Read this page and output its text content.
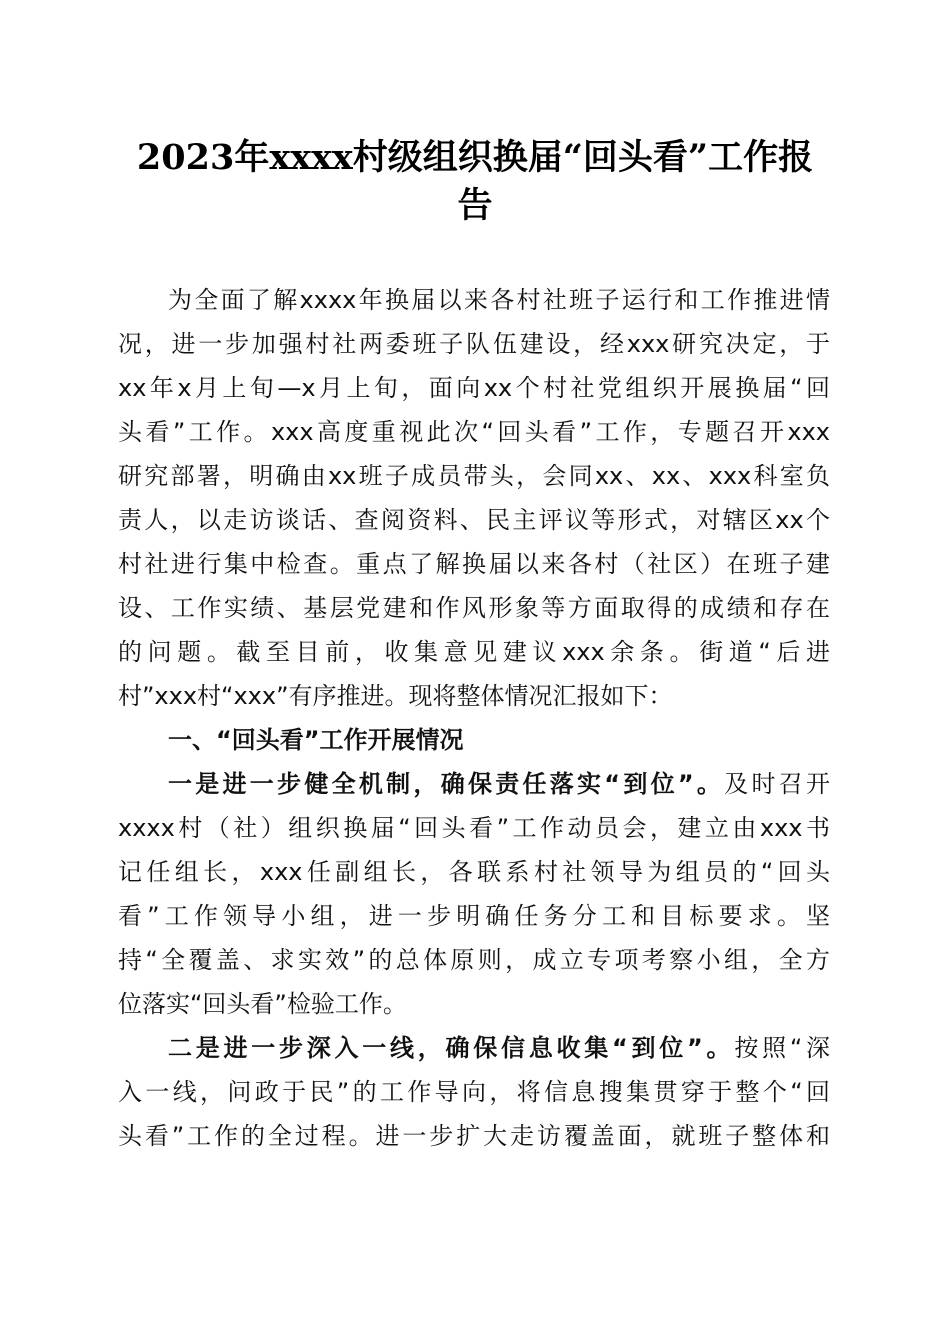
2023年xxxx村级组织换届“回头看”工作报
告
为全面了解xxxx年换届以来各村社班子运行和工作推进情
况，进一步加强村社两委班子队伍建设，经xxx研究决定，于
xx年x月上旬—x月上旬，面向xx个村社党组织开展换届“回
头看”工作。xxx高度重视此次“回头看”工作，专题召开xxx
研究部署，明确由xx班子成员带头，会同xx、xx、xxx科室负
责人，以走访谈话、查阅资料、民主评议等形式，对辖区xx个
村社进行集中检查。重点了解换届以来各村（社区）在班子建
设、工作实绩、基层党建和作风形象等方面取得的成绩和存在
的问题。截至目前，收集意见建议xxx余条。街道“后进
村”xxx村“xxx”有序推进。现将整体情况汇报如下：
一、“回头看”工作开展情况
一是进一步健全机制，确保责任落实“到位”。及时召开
xxxx村（社）组织换届“回头看”工作动员会，建立由xxx书
记任组长，xxx任副组长，各联系村社领导为组员的“回头
看”工作领导小组，进一步明确任务分工和目标要求。坚
持“全覆盖、求实效”的总体原则，成立专项考察小组，全方
位落实“回头看”检验工作。
二是进一步深入一线，确保信息收集“到位”。按照“深
入一线，问政于民”的工作导向，将信息搜集贯穿于整个“回
头看”工作的全过程。进一步扩大走访覆盖面，就班子整体和
